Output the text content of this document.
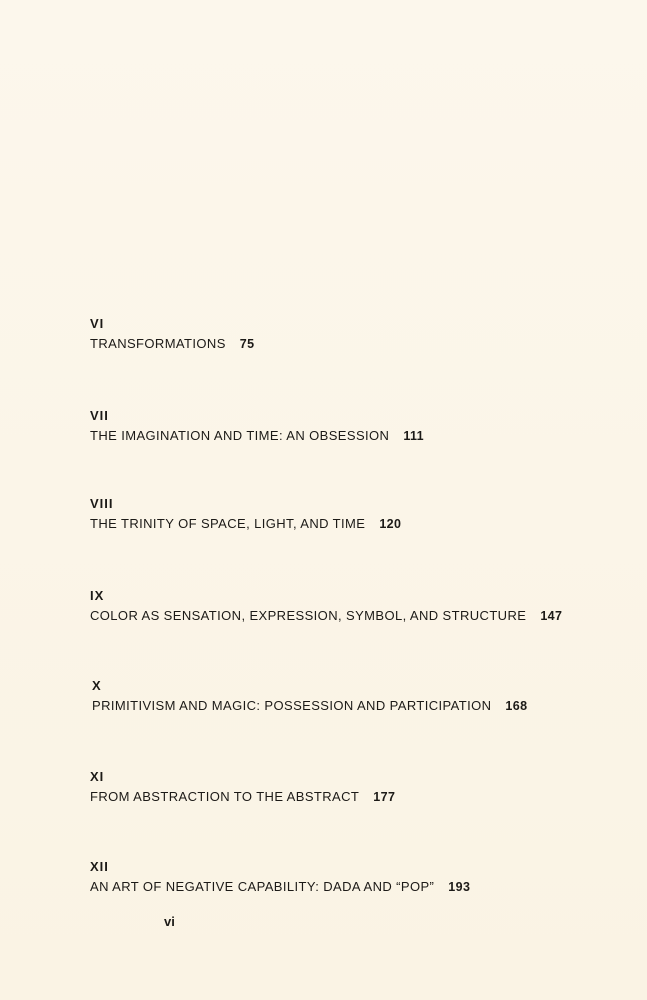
VI
TRANSFORMATIONS 75
VII
THE IMAGINATION AND TIME: AN OBSESSION 111
VIII
THE TRINITY OF SPACE, LIGHT, AND TIME 120
IX
COLOR AS SENSATION, EXPRESSION, SYMBOL, AND STRUCTURE 147
X
PRIMITIVISM AND MAGIC: POSSESSION AND PARTICIPATION 168
XI
FROM ABSTRACTION TO THE ABSTRACT 177
XII
AN ART OF NEGATIVE CAPABILITY: DADA AND “POP” 193
vi
